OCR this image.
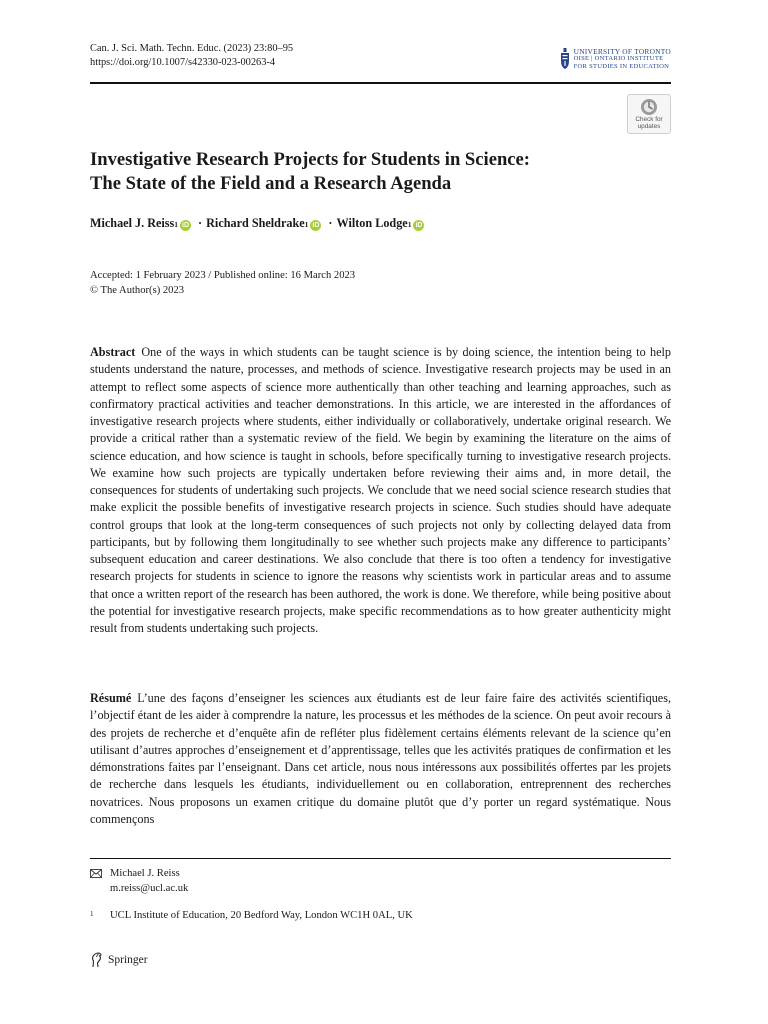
Can. J. Sci. Math. Techn. Educ. (2023) 23:80–95
https://doi.org/10.1007/s42330-023-00263-4
UNIVERSITY OF TORONTO
OISE | ONTARIO INSTITUTE
FOR STUDIES IN EDUCATION
Check for
updates
Investigative Research Projects for Students in Science:
The State of the Field and a Research Agenda
Michael J. Reiss 1 iD · Richard Sheldrake 1 iD · Wilton Lodge 1 iD
Accepted: 1 February 2023 / Published online: 16 March 2023
© The Author(s) 2023

Abstract One of the ways in which students can be taught science is by doing science, the intention being to help students understand the nature, processes, and methods of science. Investigative research projects may be used in an attempt to reflect some aspects of science more authentically than other teaching and learning approaches, such as confirmatory practical activities and teacher demonstrations. In this article, we are interested in the affordances of investigative research projects where students, either individually or collaboratively, undertake original research. We provide a critical rather than a systematic review of the field. We begin by examining the literature on the aims of science education, and how science is taught in schools, before specifically turning to investigative research projects. We examine how such projects are typically undertaken before reviewing their aims and, in more detail, the consequences for students of undertaking such projects. We conclude that we need social science research studies that make explicit the possible benefits of investigative research projects in science. Such studies should have adequate control groups that look at the long-term consequences of such projects not only by collecting delayed data from participants, but by following them longitudinally to see whether such projects make any difference to participants’ subsequent education and career destinations. We also conclude that there is too often a tendency for investigative research projects for students in science to ignore the reasons why scientists work in particular areas and to assume that once a written report of the research has been authored, the work is done. We therefore, while being positive about the potential for investigative research projects, make specific recommendations as to how greater authenticity might result from students undertaking such projects.

Résumé L’une des façons d’enseigner les sciences aux étudiants est de leur faire faire des activités scientifiques, l’objectif étant de les aider à comprendre la nature, les processus et les méthodes de la science. On peut avoir recours à des projets de recherche et d’enquête afin de refléter plus fidèlement certains éléments relevant de la science qu’en utilisant d’autres approches d’enseignement et d’apprentissage, telles que les activités pratiques de confirmation et les démonstrations faites par l’enseignant. Dans cet article, nous nous intéressons aux possibilités offertes par les projets de recherche dans lesquels les étudiants, individuellement ou en collaboration, entreprennent des recherches novatrices. Nous proposons un examen critique du domaine plutôt que d’y porter un regard systématique. Nous commençons

Michael J. Reiss
m.reiss@ucl.ac.uk
1 UCL Institute of Education, 20 Bedford Way, London WC1H 0AL, UK
Springer
